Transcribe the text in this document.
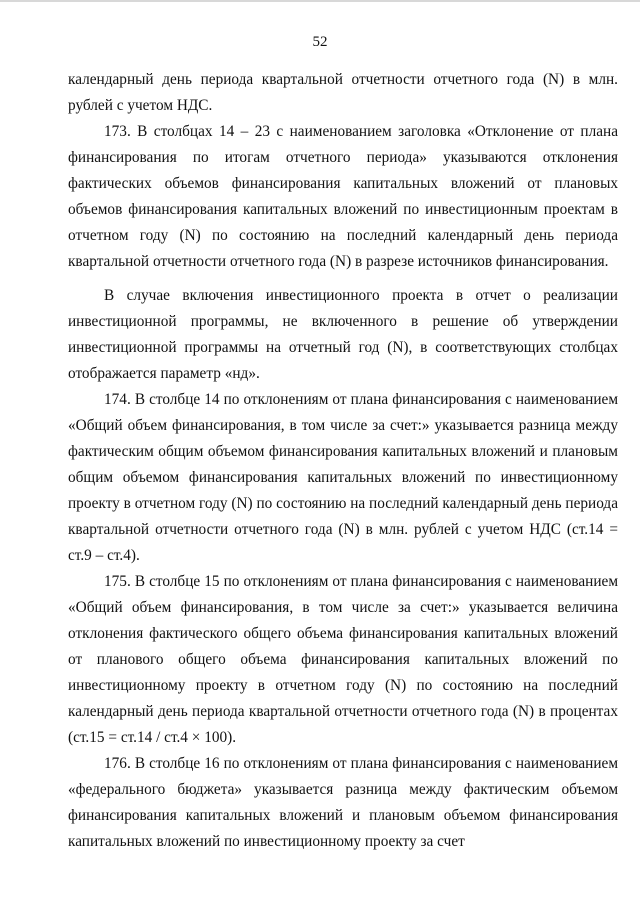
52

календарный день периода квартальной отчетности отчетного года (N) в млн. рублей с учетом НДС.

173. В столбцах 14 – 23 с наименованием заголовка «Отклонение от плана финансирования по итогам отчетного периода» указываются отклонения фактических объемов финансирования капитальных вложений от плановых объемов финансирования капитальных вложений по инвестиционным проектам в отчетном году (N) по состоянию на последний календарный день периода квартальной отчетности отчетного года (N) в разрезе источников финансирования.

В случае включения инвестиционного проекта в отчет о реализации инвестиционной программы, не включенного в решение об утверждении инвестиционной программы на отчетный год (N), в соответствующих столбцах отображается параметр «нд».

174. В столбце 14 по отклонениям от плана финансирования с наименованием «Общий объем финансирования, в том числе за счет:» указывается разница между фактическим общим объемом финансирования капитальных вложений и плановым общим объемом финансирования капитальных вложений по инвестиционному проекту в отчетном году (N) по состоянию на последний календарный день периода квартальной отчетности отчетного года (N) в млн. рублей с учетом НДС (ст.14 = ст.9 – ст.4).

175. В столбце 15 по отклонениям от плана финансирования с наименованием «Общий объем финансирования, в том числе за счет:» указывается величина отклонения фактического общего объема финансирования капитальных вложений от планового общего объема финансирования капитальных вложений по инвестиционному проекту в отчетном году (N) по состоянию на последний календарный день периода квартальной отчетности отчетного года (N) в процентах (ст.15 = ст.14 / ст.4 × 100).

176. В столбце 16 по отклонениям от плана финансирования с наименованием «федерального бюджета» указывается разница между фактическим объемом финансирования капитальных вложений и плановым объемом финансирования капитальных вложений по инвестиционному проекту за счет
